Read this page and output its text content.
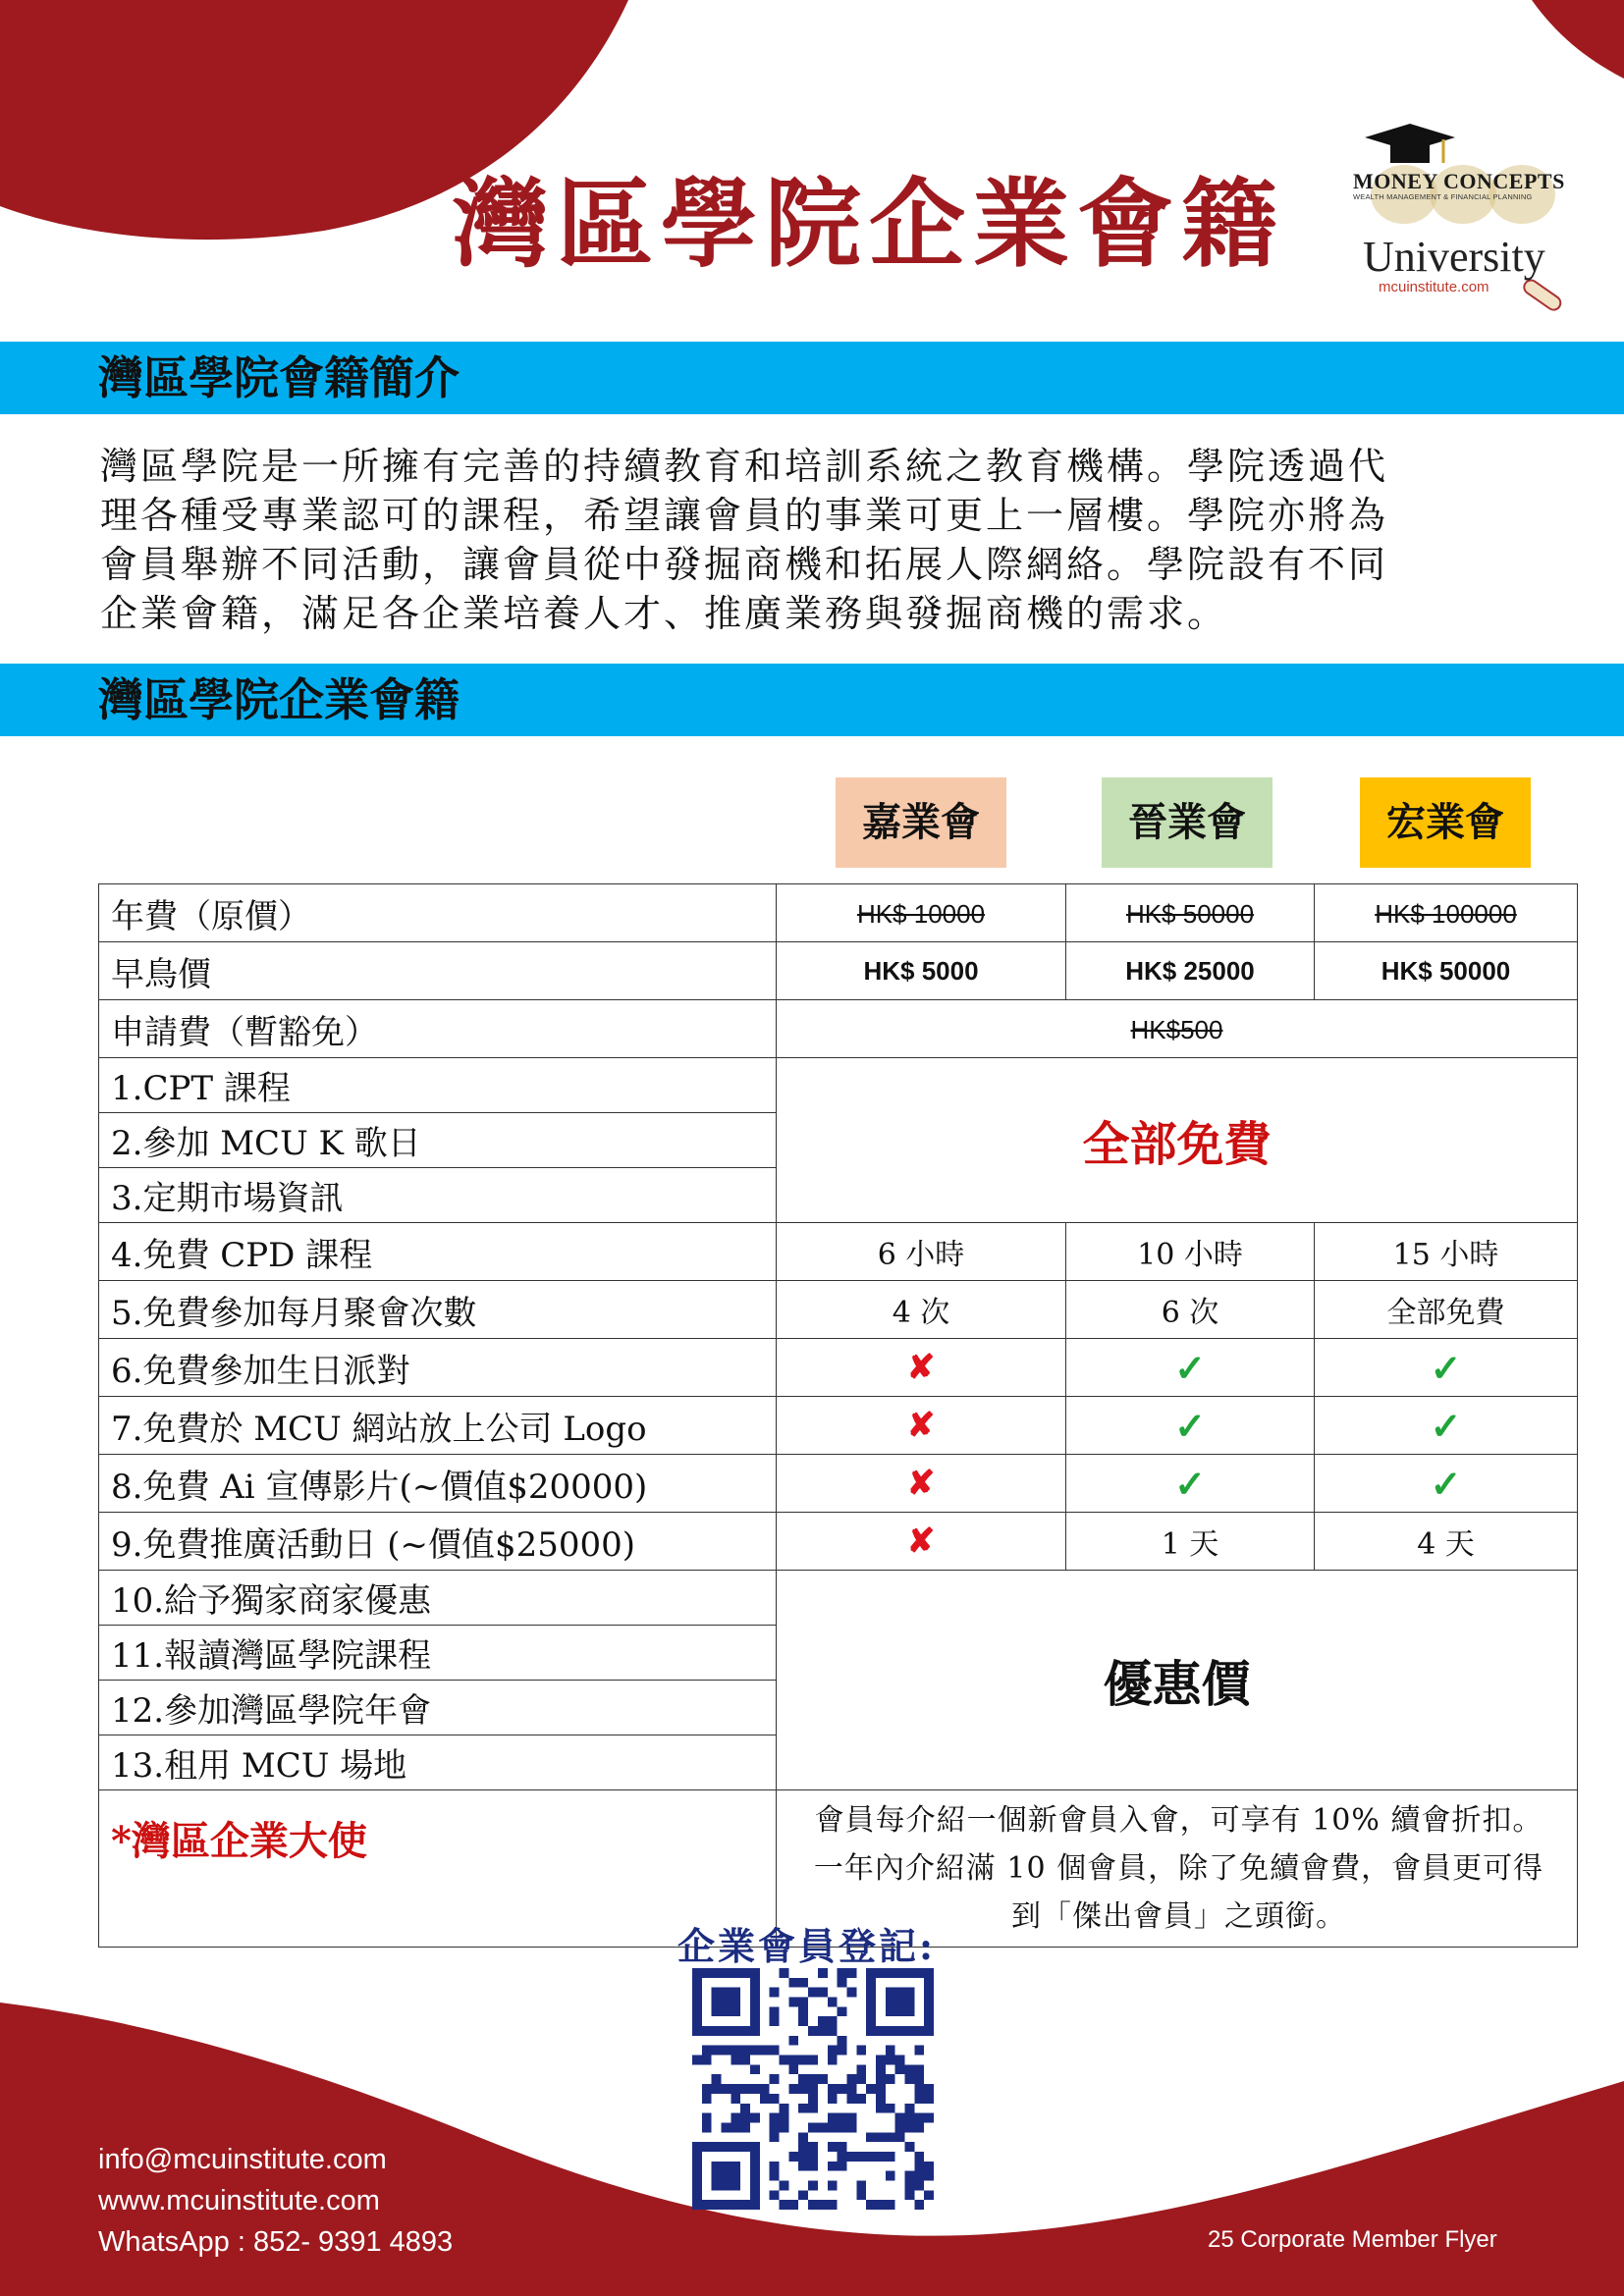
灣區學院企業會籍	MONEY CONCEPTS
WEALTH MANAGEMENT & FINANCIAL PLANNING
University
mcuinstitute.com
灣區學院會籍簡介
灣區學院是一所擁有完善的持續教育和培訓系統之教育機構。學院透過代
理各種受專業認可的課程，希望讓會員的事業可更上一層樓。學院亦將為
會員舉辦不同活動，讓會員從中發掘商機和拓展人際網絡。學院設有不同
企業會籍，滿足各企業培養人才、推廣業務與發掘商機的需求。
灣區學院企業會籍
嘉業會	晉業會	宏業會
年費（原價）	HK$ 10000	HK$ 50000	HK$ 100000
早鳥價	HK$ 5000	HK$ 25000	HK$ 50000
申請費（暫豁免）	HK$500		
1.CPT 課程	全部免費		
2.參加 MCU K 歌日			
3.定期市場資訊			
4.免費 CPD 課程	6 小時	10 小時	15 小時
5.免費參加每月聚會次數	4 次	6 次	全部免費
6.免費參加生日派對	✘	✓	✓
7.免費於 MCU 網站放上公司 Logo	✘	✓	✓
8.免費 Ai 宣傳影片(~價值$20000)	✘	✓	✓
9.免費推廣活動日 (~價值$25000)	✘	1 天	4 天
10.給予獨家商家優惠	優惠價		
11.報讀灣區學院課程			
12.參加灣區學院年會			
13.租用 MCU 場地			
*灣區企業大使	會員每介紹一個新會員入會，可享有 10% 續會折扣。
一年內介紹滿 10 個會員，除了免續會費，會員更可得
到「傑出會員」之頭銜。		
企業會員登記:
info@mcuinstitute.com
www.mcuinstitute.com
WhatsApp : 852- 9391 4893	25 Corporate Member Flyer
